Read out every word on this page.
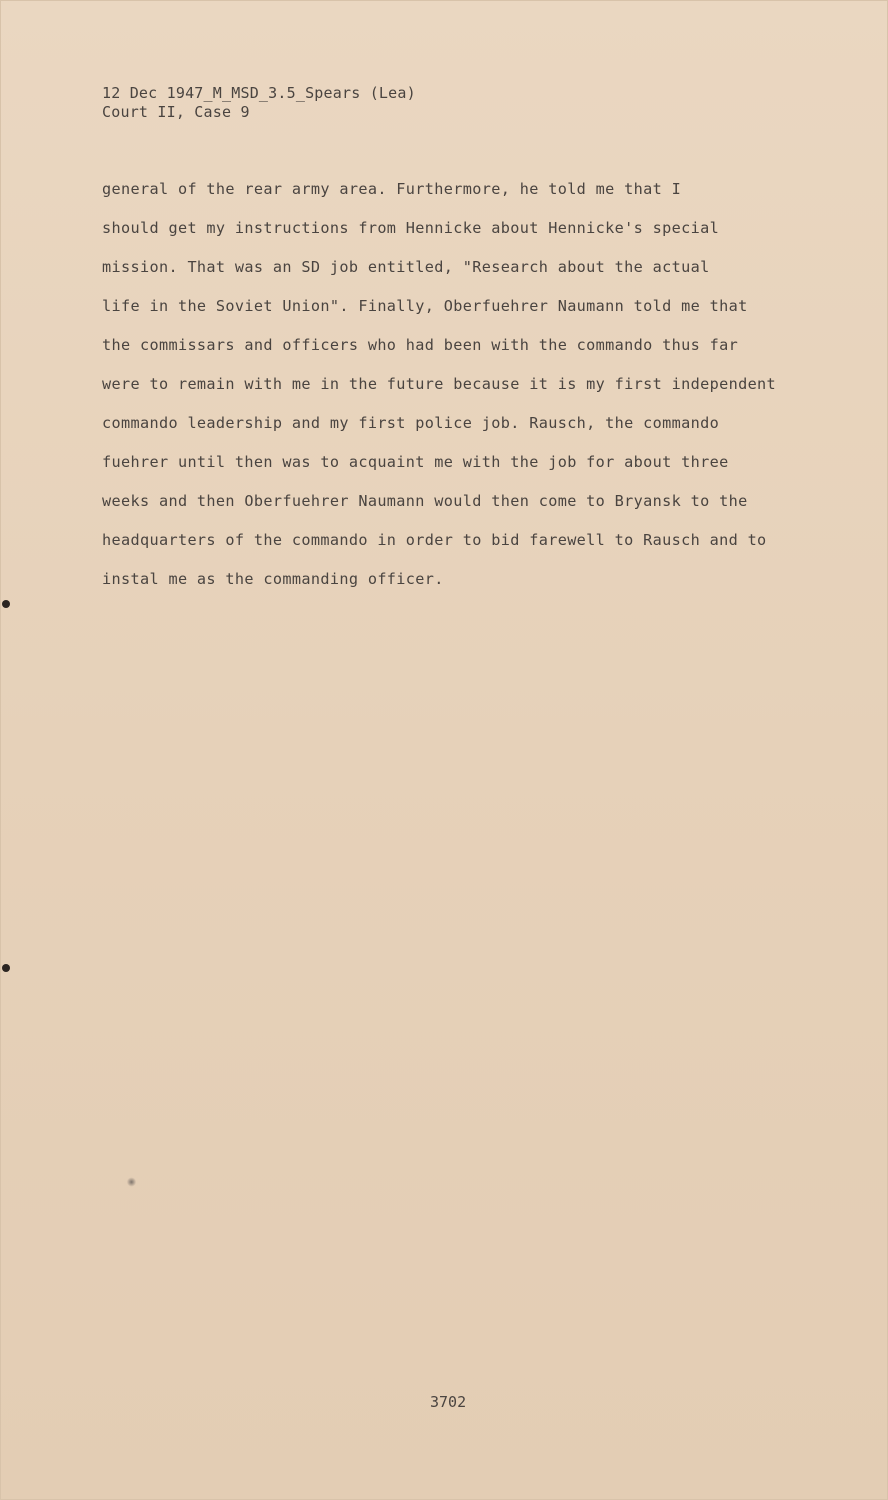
12 Dec 1947_M_MSD_3.5_Spears (Lea)
Court II, Case 9
general of the rear army area. Furthermore, he told me that I
should get my instructions from Hennicke about Hennicke's special
mission. That was an SD job entitled, "Research about the actual
life in the Soviet Union". Finally, Oberfuehrer Naumann told me that
the commissars and officers who had been with the commando thus far
were to remain with me in the future because it is my first independent
commando leadership and my first police job. Rausch, the commando
fuehrer until then was to acquaint me with the job for about three
weeks and then Oberfuehrer Naumann would then come to Bryansk to the
headquarters of the commando in order to bid farewell to Rausch and to
instal me as the commanding officer.
3702
